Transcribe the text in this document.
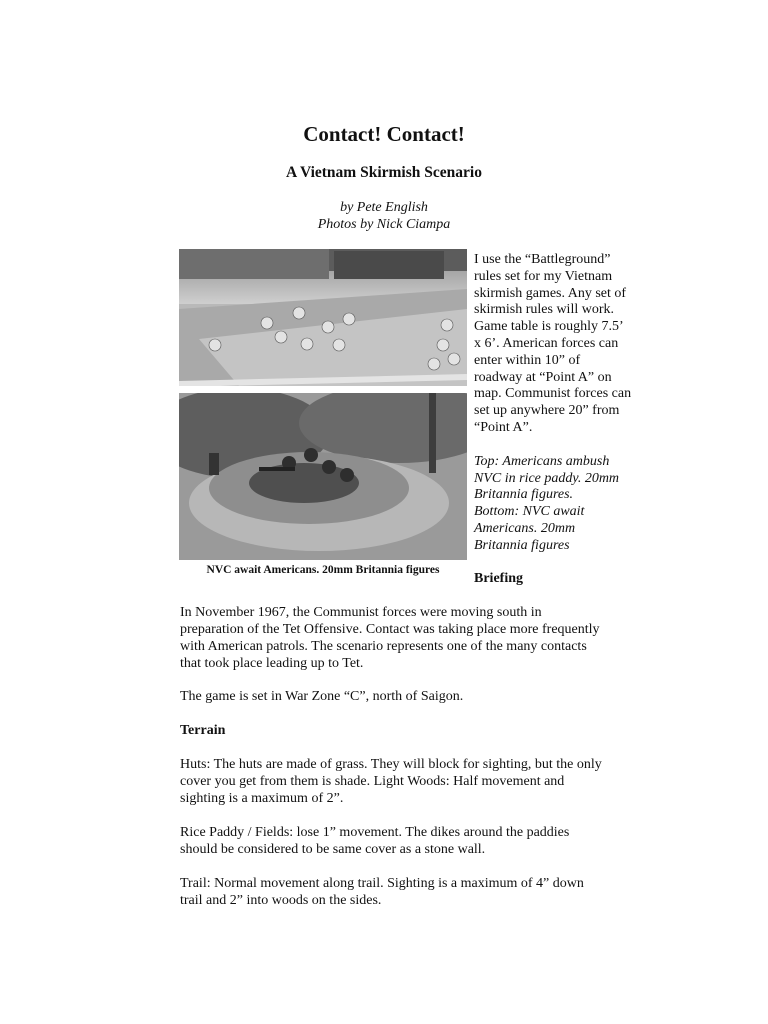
Contact! Contact!
A Vietnam Skirmish Scenario
by Pete English
Photos by Nick Ciampa
NVC await Americans. 20mm Britannia figures

I use the “Battleground”

rules set for my Vietnam

skirmish games. Any set of

skirmish rules will work.

Game table is roughly 7.5’

x 6’. American forces can

enter within 10” of

roadway at “Point A” on

map. Communist forces can

set up anywhere 20” from

“Point A”.

Top: Americans ambush

NVC in rice paddy. 20mm

Britannia figures.

Bottom: NVC await

Americans. 20mm

Britannia figures

Briefing

In November 1967, the Communist forces were moving south in

preparation of the Tet Offensive. Contact was taking place more frequently

with American patrols. The scenario represents one of the many contacts

that took place leading up to Tet.

The game is set in War Zone “C”, north of Saigon.
Terrain

Huts: The huts are made of grass. They will block for sighting, but the only

cover you get from them is shade. Light Woods: Half movement and

sighting is a maximum of 2”.

Rice Paddy / Fields: lose 1” movement. The dikes around the paddies

should be considered to be same cover as a stone wall.

Trail: Normal movement along trail. Sighting is a maximum of 4” down

trail and 2” into woods on the sides.
